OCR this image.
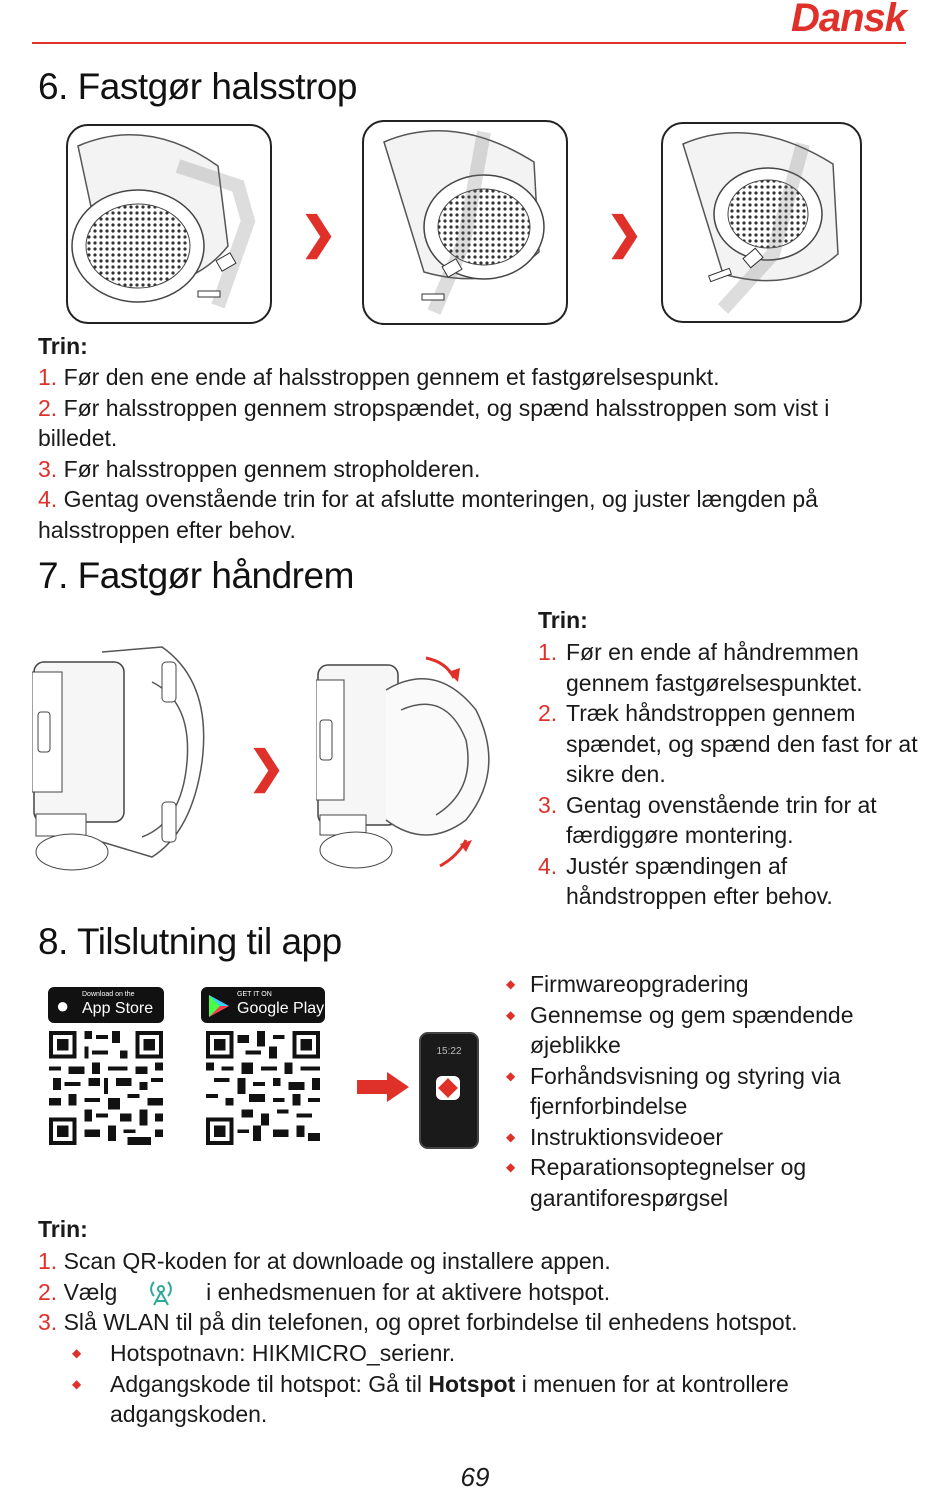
Dansk
6. Fastgør halsstrop
❯	❯
Trin:
1. Før den ene ende af halsstroppen gennem et fastgørelsespunkt.
2. Før halsstroppen gennem stropspændet, og spænd halsstroppen som vist i billedet.
3. Før halsstroppen gennem stropholderen.
4. Gentag ovenstående trin for at afslutte monteringen, og juster længden på halsstroppen efter behov.
7. Fastgør håndrem
❯
Trin:
1. Før en ende af håndremmen gennem fastgørelsespunktet.
2. Træk håndstroppen gennem spændet, og spænd den fast for at sikre den.
3. Gentag ovenstående trin for at færdiggøre montering.
4. Justér spændingen af håndstroppen efter behov.
8. Tilslutning til app
● Download on the
App Store
GET IT ON
Google Play
15:22
◆ Firmwareopgradering
◆ Gennemse og gem spændende øjeblikke
◆ Forhåndsvisning og styring via fjernforbindelse
◆ Instruktionsvideoer
◆ Reparationsoptegnelser og garantiforespørgsel
Trin:
1. Scan QR-koden for at downloade og installere appen.
2. Vælg	i enhedsmenuen for at aktivere hotspot.
3. Slå WLAN til på din telefonen, og opret forbindelse til enhedens hotspot.
◆ Hotspotnavn: HIKMICRO_serienr.
◆ Adgangskode til hotspot: Gå til Hotspot i menuen for at kontrollere adgangskoden.
69
